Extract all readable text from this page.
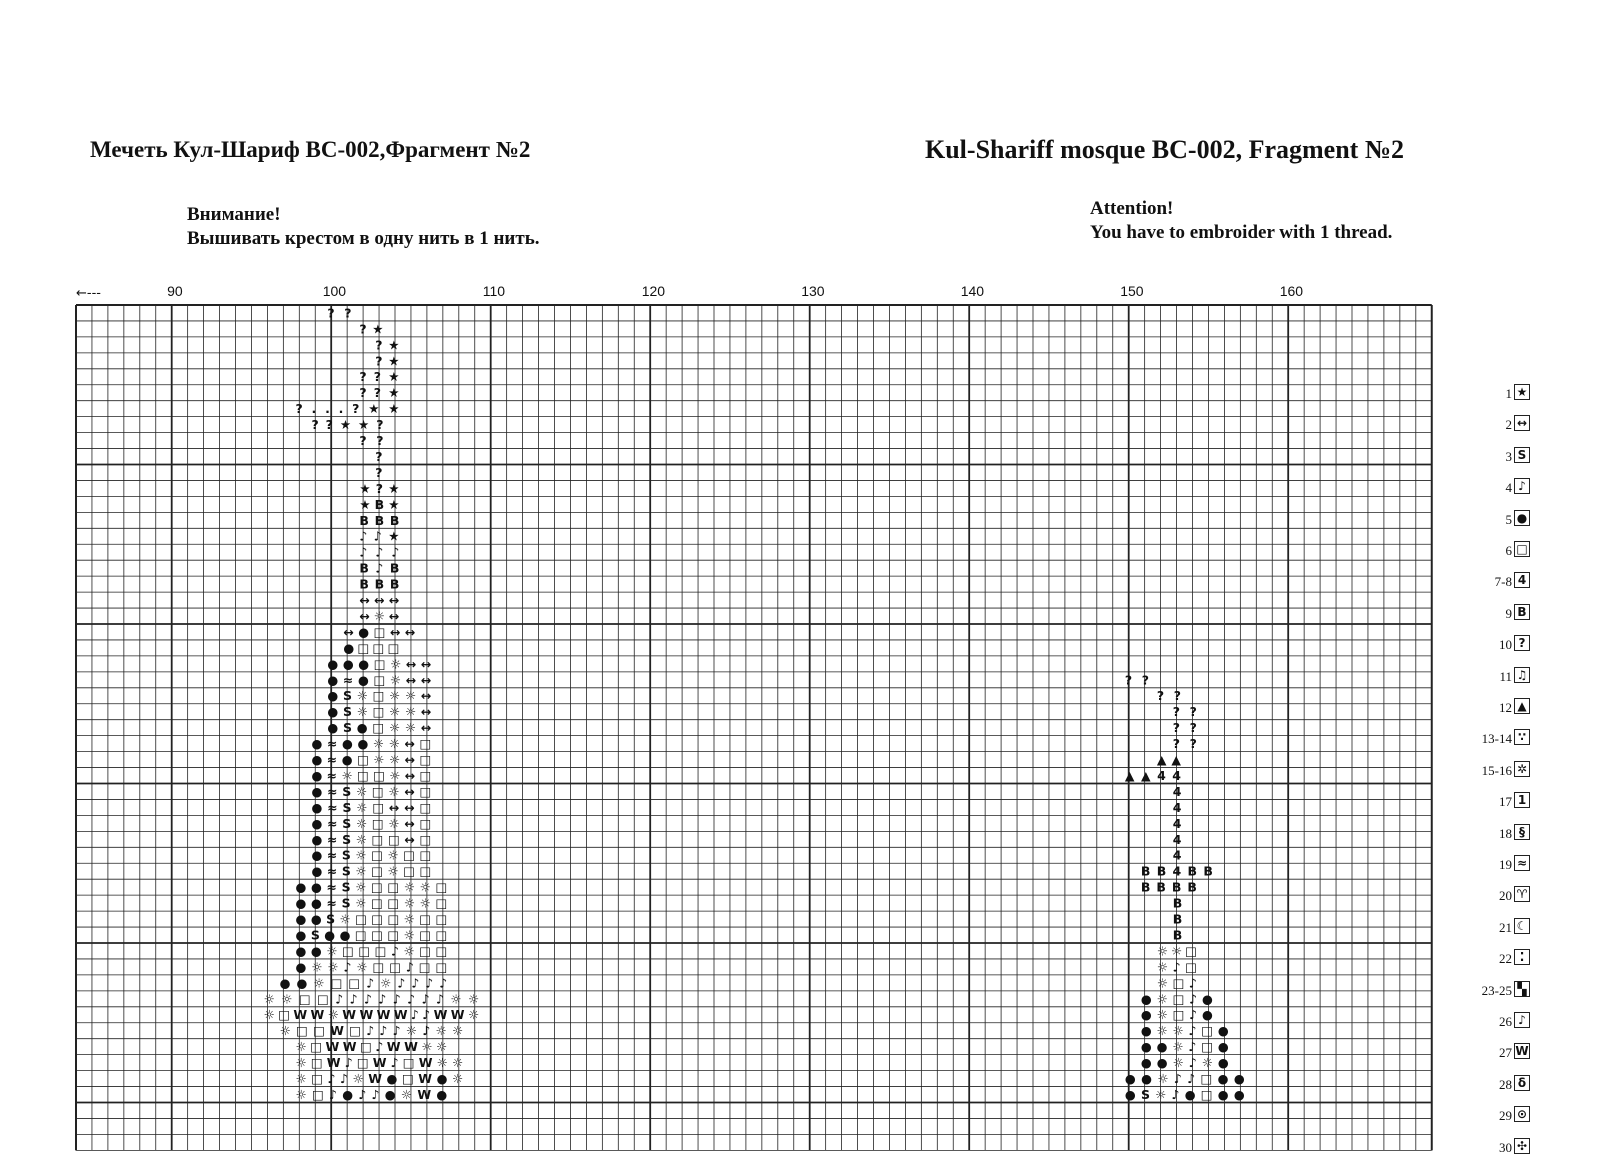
Мечеть Кул-Шариф BC-002,Фрагмент №2	Kul-Shariff mosque BC-002, Fragment №2
Внимание!
Вышивать крестом в одну нить в 1 нить.
Attention!
You have to embroider with 1 thread.
←---	90	100	110	120	130	140	150	160
??
?★
?★
?★
??★
??★
?...?★★
??★★?
??
?
?
★?★
★B★
BBB
♪♪★
♪♪♪
B♪B
BBB
↔↔↔
↔☼↔
↔●□↔↔
●□□□
●●●□☼↔↔
●≈●□☼↔↔
●S☼□☼☼↔
●S☼□☼☼↔
●S●□☼☼↔
●≈●●☼☼↔□
●≈●□☼☼↔□
●≈☼□□☼↔□
●≈S☼□☼↔□
●≈S☼□↔↔□
●≈S☼□☼↔□
●≈S☼□□↔□
●≈S☼□☼□□
●≈S☼□☼□□
●●≈S☼□□☼☼□
●●≈S☼□□☼☼□
●●S☼□□□☼□□
●S●●□□□☼□□
●●☼□□□♪☼□□
●☼☼♪☼□□♪□□
●●☼□□♪☼♪♪♪♪
☼☼□□♪♪♪♪♪♪♪♪☼☼
☼□WW☼WWWW♪♪WW☼
☼□□W□♪♪♪☼♪☼☼
☼□WW□♪WW☼☼
☼□W♪□W♪□W☼☼
☼□♪♪☼W●□W●☼
☼□♪●♪♪●☼W●
??
??
??
??
??
▲▲
▲▲44
4
4
4
4
4
BB4BB
BBBB
B
B
B
☼☼□
☼♪□
☼□♪
●☼□♪●
●☼□♪●
●☼☼♪□●
●●☼♪□●
●●☼♪☼●
●●☼♪♪□●●
●S☼♪●□●●
1 ★
2 ↔
3 S
4 ♪
5 ●
6 □
7-8 4
9 B
10 ?
11 ♫
12 ▲
13-14 ∵
15-16 ✲
17 1
18 §
19 ≈
20 ♈
21 ☾
22 ⁚
23-25 ▚
26 ♪
27 W
28 δ
29 ⊙
30 ✣
